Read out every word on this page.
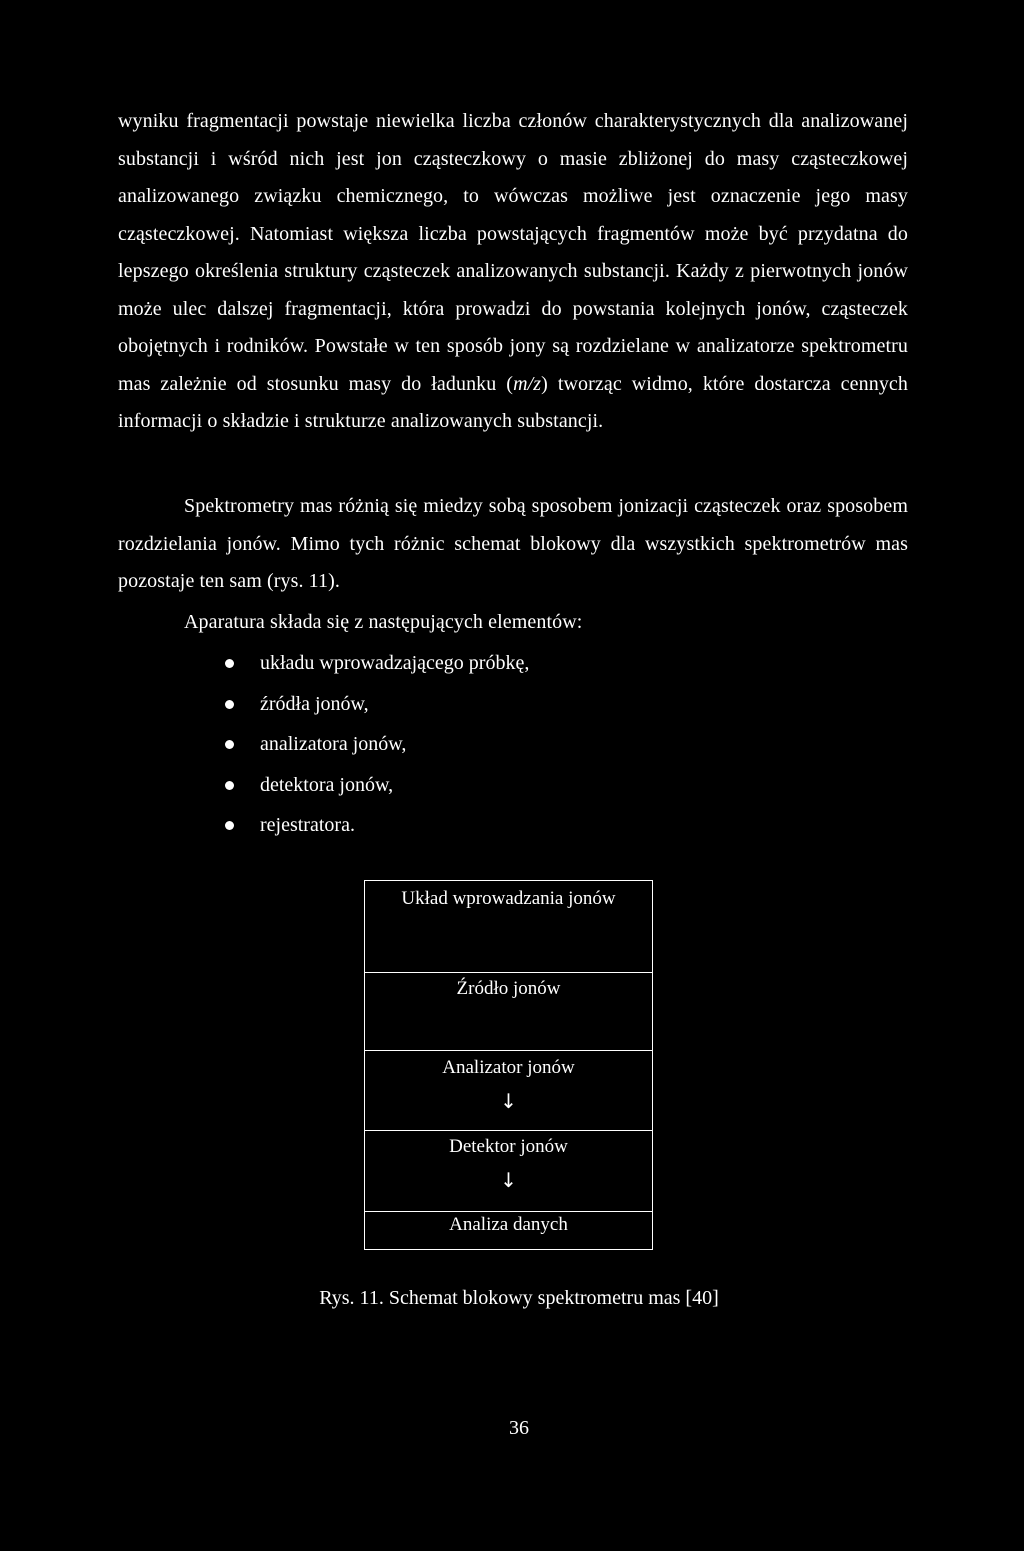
wyniku fragmentacji powstaje niewielka liczba członów charakterystycznych dla analizowanej substancji i wśród nich jest jon cząsteczkowy o masie zbliżonej do masy cząsteczkowej analizowanego związku chemicznego, to wówczas możliwe jest oznaczenie jego masy cząsteczkowej. Natomiast większa liczba powstających fragmentów może być przydatna do lepszego określenia struktury cząsteczek analizowanych substancji. Każdy z pierwotnych jonów może ulec dalszej fragmentacji, która prowadzi do powstania kolejnych jonów, cząsteczek obojętnych i rodników. Powstałe w ten sposób jony są rozdzielane w analizatorze spektrometru mas zależnie od stosunku masy do ładunku (m/z) tworząc widmo, które dostarcza cennych informacji o składzie i strukturze analizowanych substancji.

Spektrometry mas różnią się miedzy sobą sposobem jonizacji cząsteczek oraz sposobem rozdzielania jonów. Mimo tych różnic schemat blokowy dla wszystkich spektrometrów mas pozostaje ten sam (rys. 11).

Aparatura składa się z następujących elementów:

układu wprowadzającego próbkę,
źródła jonów,
analizatora jonów,
detektora jonów,
rejestratora.
Układ wprowadzania jonów
Źródło jonów
Analizator jonów
↓
Detektor jonów
↓
Analiza danych
Rys. 11. Schemat blokowy spektrometru mas [40]
36
